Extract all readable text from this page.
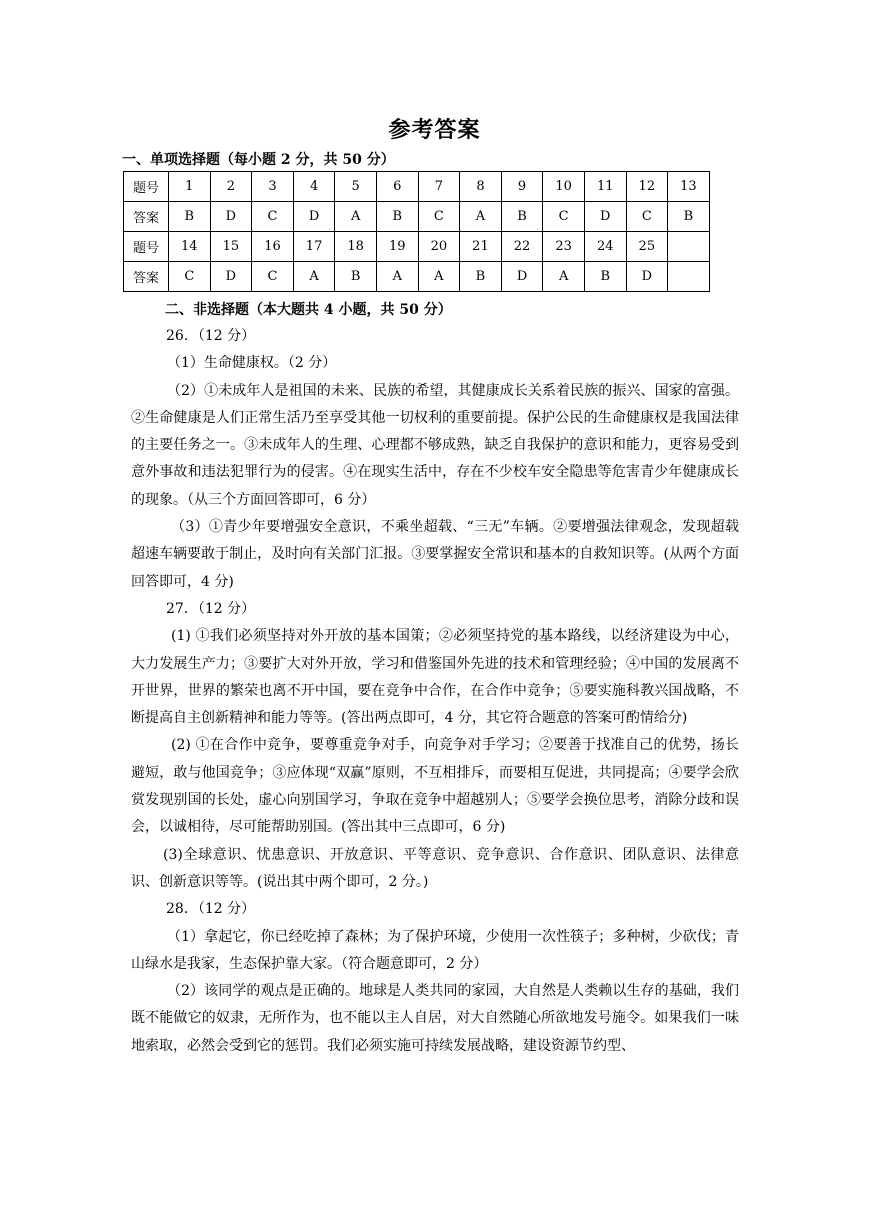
参考答案
一、单项选择题（每小题 2 分，共 50 分）
题号	1	2	3	4	5	6	7	8	9	10	11	12	13
答案	B	D	C	D	A	B	C	A	B	C	D	C	B
题号	14	15	16	17	18	19	20	21	22	23	24	25	
答案	C	D	C	A	B	A	A	B	D	A	B	D	
二、非选择题（本大题共 4 小题，共 50 分）

26．（12 分）

（1）生命健康权。（2 分）

（2）①未成年人是祖国的未来、民族的希望，其健康成长关系着民族的振兴、国家的富强。②生命健康是人们正常生活乃至享受其他一切权利的重要前提。保护公民的生命健康权是我国法律的主要任务之一。③未成年人的生理、心理都不够成熟，缺乏自我保护的意识和能力，更容易受到意外事故和违法犯罪行为的侵害。④在现实生活中，存在不少校车安全隐患等危害青少年健康成长的现象。（从三个方面回答即可，6 分）

（3）①青少年要增强安全意识，不乘坐超载、“三无”车辆。②要增强法律观念，发现超载超速车辆要敢于制止，及时向有关部门汇报。③要掌握安全常识和基本的自救知识等。(从两个方面回答即可，4 分)

27．（12 分）

(1) ①我们必须坚持对外开放的基本国策；②必须坚持党的基本路线，以经济建设为中心，大力发展生产力；③要扩大对外开放，学习和借鉴国外先进的技术和管理经验；④中国的发展离不开世界，世界的繁荣也离不开中国，要在竞争中合作，在合作中竞争；⑤要实施科教兴国战略，不断提高自主创新精神和能力等等。(答出两点即可，4 分，其它符合题意的答案可酌情给分)

(2) ①在合作中竞争，要尊重竞争对手，向竞争对手学习；②要善于找准自己的优势，扬长避短，敢与他国竞争；③应体现“双赢”原则，不互相排斥，而要相互促进，共同提高；④要学会欣赏发现别国的长处，虚心向别国学习，争取在竞争中超越别人；⑤要学会换位思考，消除分歧和误会，以诚相待，尽可能帮助别国。(答出其中三点即可，6 分)

(3)全球意识、忧患意识、开放意识、平等意识、竞争意识、合作意识、团队意识、法律意识、创新意识等等。(说出其中两个即可，2 分。)

28．（12 分）

（1）拿起它，你已经吃掉了森林；为了保护环境，少使用一次性筷子；多种树，少砍伐；青山绿水是我家，生态保护靠大家。（符合题意即可，2 分）

（2）该同学的观点是正确的。地球是人类共同的家园，大自然是人类赖以生存的基础，我们既不能做它的奴隶，无所作为，也不能以主人自居，对大自然随心所欲地发号施令。如果我们一味地索取，必然会受到它的惩罚。我们必须实施可持续发展战略，建设资源节约型、
